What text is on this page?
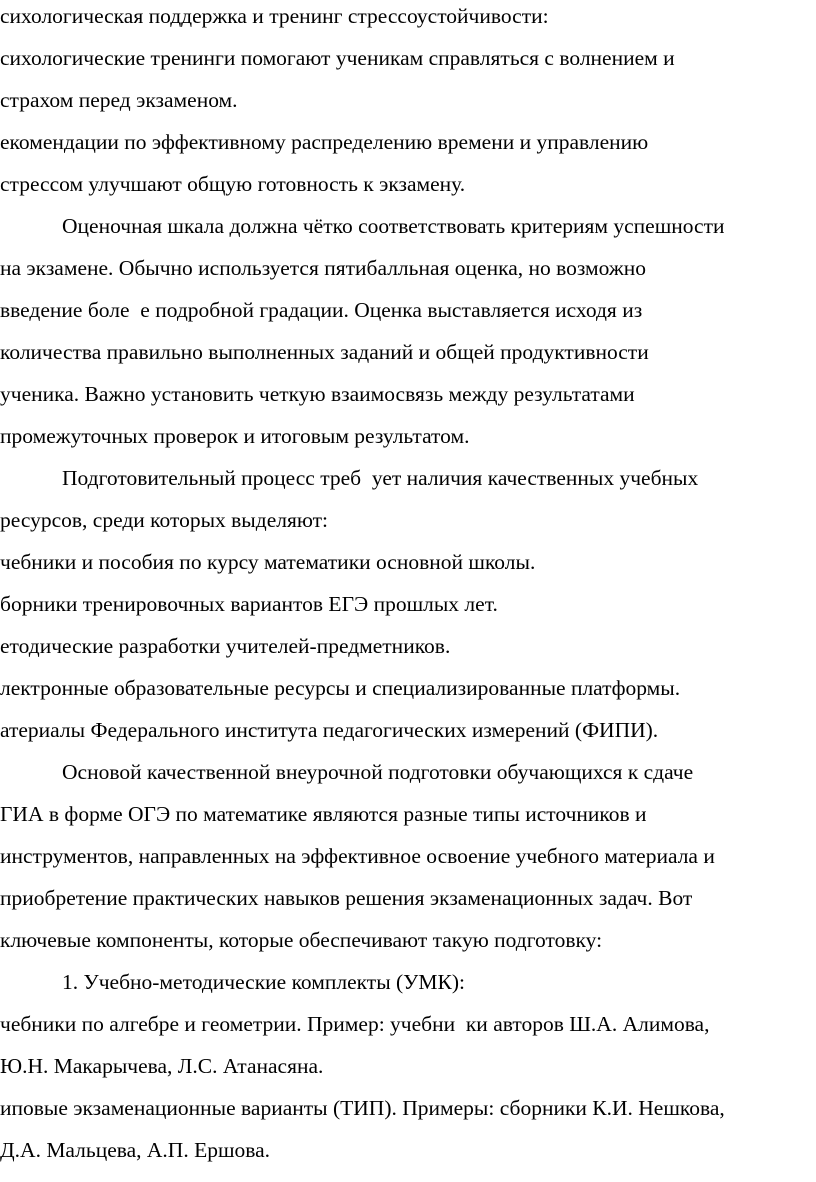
сихологическая поддержка и тренинг стрессоустойчивости:
сихологические тренинги помогают ученикам справляться с волнением и
страхом перед экзаменом.
екомендации по эффективному распределению времени и управлению
стрессом улучшают общую готовность к экзамену.
Оценочная шкала должна чётко соответствовать критериям успешности
на экзамене. Обычно используется пятибалльная оценка, но возможно
введение боле  е подробной градации. Оценка выставляется исходя из
количества правильно выполненных заданий и общей продуктивности
ученика. Важно установить четкую взаимосвязь между результатами
промежуточных проверок и итоговым результатом.
Подготовительный процесс треб  ует наличия качественных учебных
ресурсов, среди которых выделяют:
чебники и пособия по курсу математики основной школы.
борники тренировочных вариантов ЕГЭ прошлых лет.
етодические разработки учителей-предметников.
лектронные образовательные ресурсы и специализированные платформы.
атериалы Федерального института педагогических измерений (ФИПИ).
Основой качественной внеурочной подготовки обучающихся к сдаче
ГИА в форме ОГЭ по математике являются разные типы источников и
инструментов, направленных на эффективное освоение учебного материала и
приобретение практических навыков решения экзаменационных задач. Вот
ключевые компоненты, которые обеспечивают такую подготовку:
1. Учебно-методические комплекты (УМК):
чебники по алгебре и геометрии. Пример: учебни  ки авторов Ш.А. Алимова,
Ю.Н. Макарычева, Л.С. Атанасяна.
иповые экзаменационные варианты (ТИП). Примеры: сборники К.И. Нешкова,
Д.А. Мальцева, А.П. Ершова.
